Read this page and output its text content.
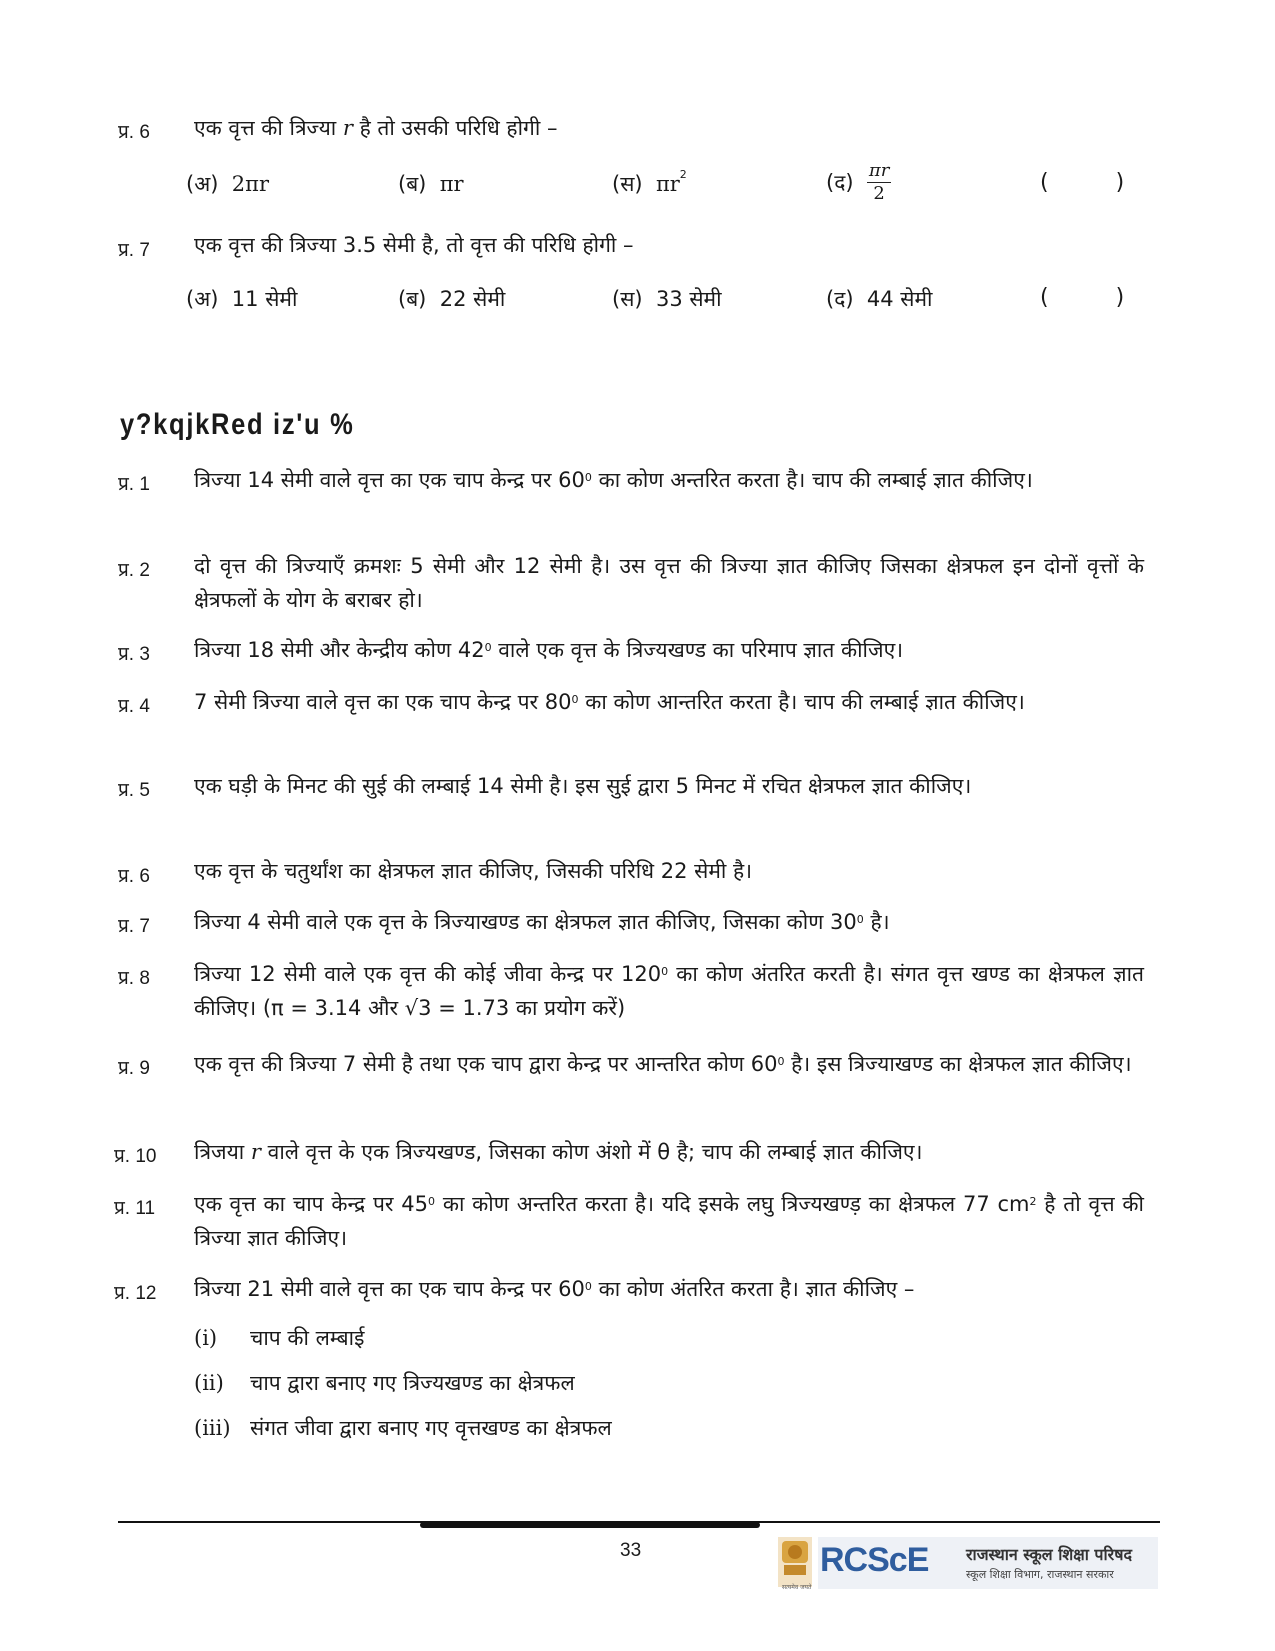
प्र. 6 एक वृत्त की त्रिज्या r है तो उसकी परिधि होगी –
(अ) 2πr	(ब) πr	(स) $\pi r^2$	(द) $\frac{\pi r}{2}$	( )
प्र. 7 एक वृत्त की त्रिज्या 3.5 सेमी है, तो वृत्त की परिधि होगी –
(अ) 11 सेमी	(ब) 22 सेमी	(स) 33 सेमी	(द) 44 सेमी	( )
y?kqjkRed iz'u %
प्र. 1 त्रिज्या 14 सेमी वाले वृत्त का एक चाप केन्द्र पर $60^0$ का कोण अन्तरित करता है। चाप की लम्बाई ज्ञात कीजिए।
प्र. 2 दो वृत्त की त्रिज्याएँ क्रमशः 5 सेमी और 12 सेमी है। उस वृत्त की त्रिज्या ज्ञात कीजिए जिसका क्षेत्रफल इन दोनों वृत्तों के क्षेत्रफलों के योग के बराबर हो।
प्र. 3 त्रिज्या 18 सेमी और केन्द्रीय कोण $42^0$ वाले एक वृत्त के त्रिज्यखण्ड का परिमाप ज्ञात कीजिए।
प्र. 4 7 सेमी त्रिज्या वाले वृत्त का एक चाप केन्द्र पर $80^0$ का कोण आन्तरित करता है। चाप की लम्बाई ज्ञात कीजिए।
प्र. 5 एक घड़ी के मिनट की सुई की लम्बाई 14 सेमी है। इस सुई द्वारा 5 मिनट में रचित क्षेत्रफल ज्ञात कीजिए।
प्र. 6 एक वृत्त के चतुर्थांश का क्षेत्रफल ज्ञात कीजिए, जिसकी परिधि 22 सेमी है।
प्र. 7 त्रिज्या 4 सेमी वाले एक वृत्त के त्रिज्याखण्ड का क्षेत्रफल ज्ञात कीजिए, जिसका कोण $30^0$ है।
प्र. 8 त्रिज्या 12 सेमी वाले एक वृत्त की कोई जीवा केन्द्र पर $120^0$ का कोण अंतरित करती है। संगत वृत्त खण्ड का क्षेत्रफल ज्ञात कीजिए। (π = 3.14 और √3 = 1.73 का प्रयोग करें)
प्र. 9 एक वृत्त की त्रिज्या 7 सेमी है तथा एक चाप द्वारा केन्द्र पर आन्तरित कोण $60^0$ है। इस त्रिज्याखण्ड का क्षेत्रफल ज्ञात कीजिए।
प्र. 10 त्रिजया r वाले वृत्त के एक त्रिज्यखण्ड, जिसका कोण अंशो में θ है; चाप की लम्बाई ज्ञात कीजिए।
प्र. 11 एक वृत्त का चाप केन्द्र पर $45^0$ का कोण अन्तरित करता है। यदि इसके लघु त्रिज्यखण्ड़ का क्षेत्रफल 77 $cm^2$ है तो वृत्त की त्रिज्या ज्ञात कीजिए।
प्र. 12 त्रिज्या 21 सेमी वाले वृत्त का एक चाप केन्द्र पर $60^0$ का कोण अंतरित करता है। ज्ञात कीजिए –
(i) चाप की लम्बाई
(ii) चाप द्वारा बनाए गए त्रिज्यखण्ड का क्षेत्रफल
(iii) संगत जीवा द्वारा बनाए गए वृत्तखण्ड का क्षेत्रफल
33
सत्यमेव जयते
RCScE राजस्थान स्कूल शिक्षा परिषद
स्कूल शिक्षा विभाग, राजस्थान सरकार
